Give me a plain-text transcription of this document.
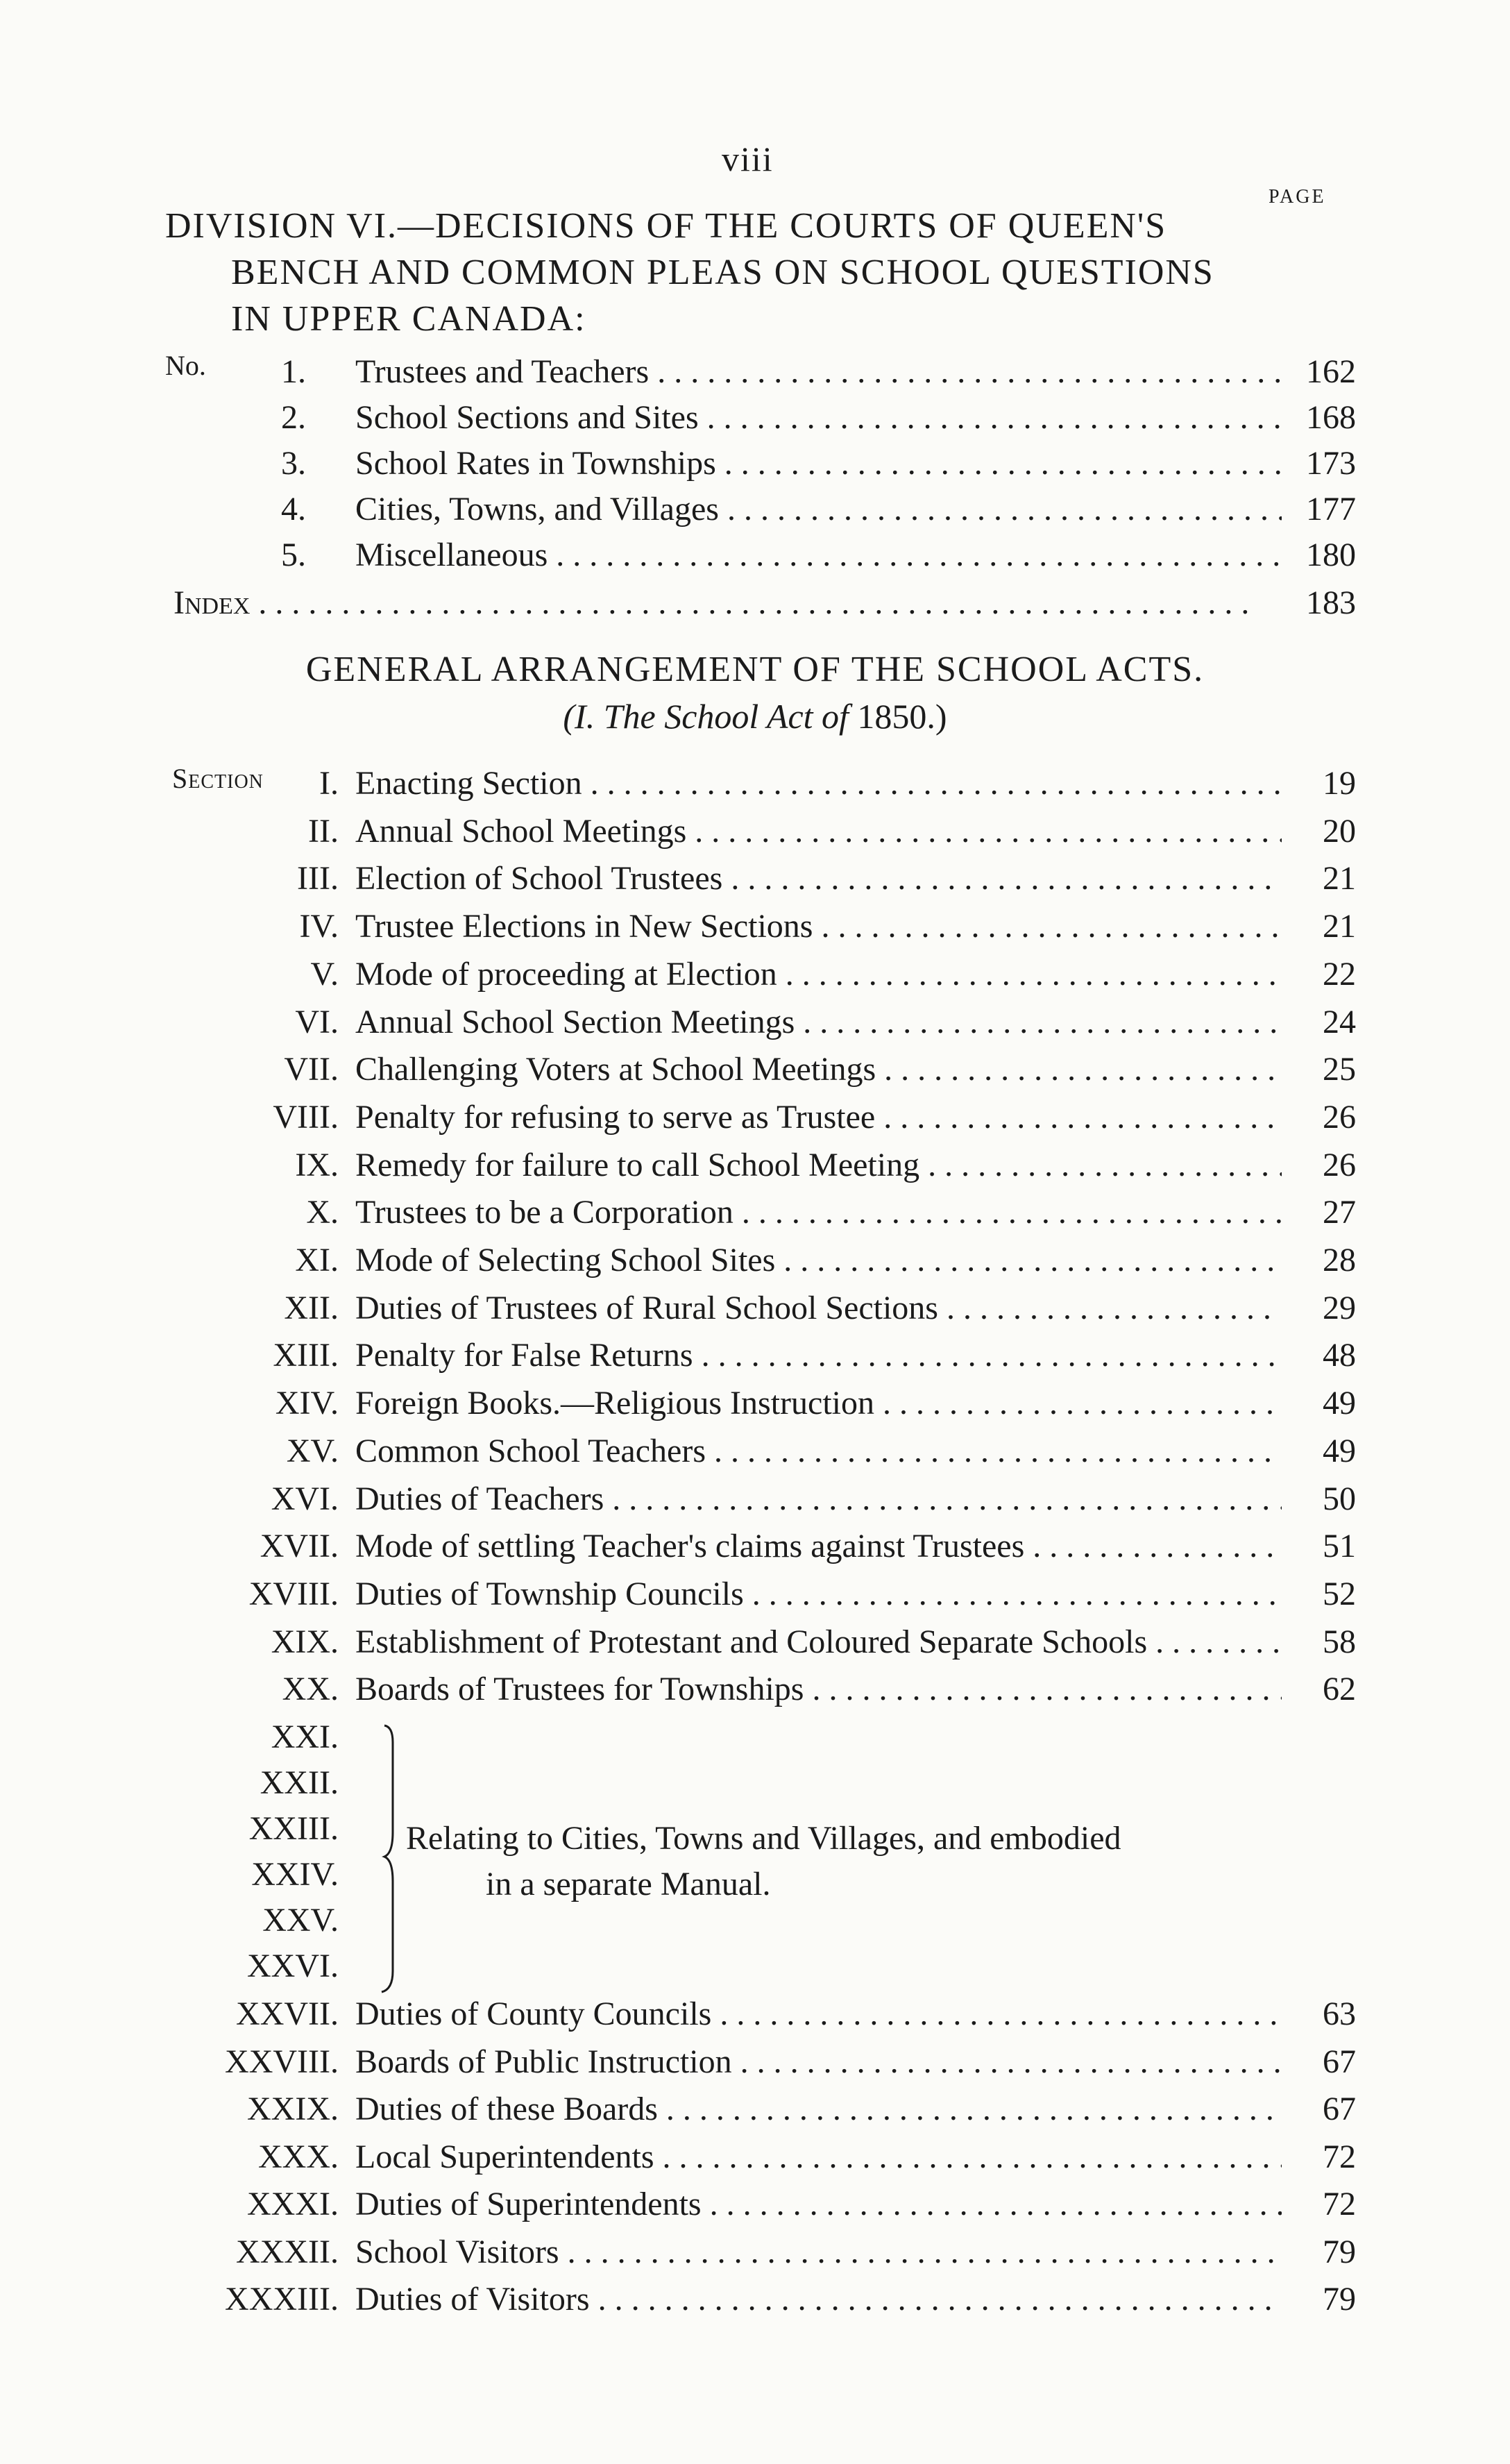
viii
PAGE
DIVISION VI.—DECISIONS OF THE COURTS OF QUEEN'S
BENCH AND COMMON PLEAS ON SCHOOL QUESTIONS
IN UPPER CANADA:
No. 1.	Trustees and Teachers . . .	162
2.	School Sections and Sites . . .	168
3.	School Rates in Townships . . .	173
4.	Cities, Towns, and Villages . . .	177
5.	Miscellaneous . . .	180
Index . . .	183
GENERAL ARRANGEMENT OF THE SCHOOL ACTS.
(I. The School Act of 1850.)
Section	I. Enacting Section . . .	19
II. Annual School Meetings . . .	20
III. Election of School Trustees . . .	21
IV. Trustee Elections in New Sections . . .	21
V. Mode of proceeding at Election . . .	22
VI. Annual School Section Meetings . . .	24
VII. Challenging Voters at School Meetings . . .	25
VIII. Penalty for refusing to serve as Trustee . . .	26
IX. Remedy for failure to call School Meeting . . .	26
X. Trustees to be a Corporation . . .	27
XI. Mode of Selecting School Sites . . .	28
XII. Duties of Trustees of Rural School Sections . . .	29
XIII. Penalty for False Returns . . .	48
XIV. Foreign Books.—Religious Instruction . . .	49
XV. Common School Teachers . . .	49
XVI. Duties of Teachers . . .	50
XVII. Mode of settling Teacher's claims against Trustees . . .	51
XVIII. Duties of Township Councils . . .	52
XIX. Establishment of Protestant and Coloured Separate Schools . . .	58
XX. Boards of Trustees for Townships . . .	62
XXI.
XXII.
XXIII.
XXIV.
XXV.
XXVI.
Relating to Cities, Towns and Villages, and embodied
in a separate Manual.
XXVII. Duties of County Councils . . .	63
XXVIII. Boards of Public Instruction . . .	67
XXIX. Duties of these Boards . . .	67
XXX. Local Superintendents . . .	72
XXXI. Duties of Superintendents . . .	72
XXXII. School Visitors . . .	79
XXXIII. Duties of Visitors . . .	79
